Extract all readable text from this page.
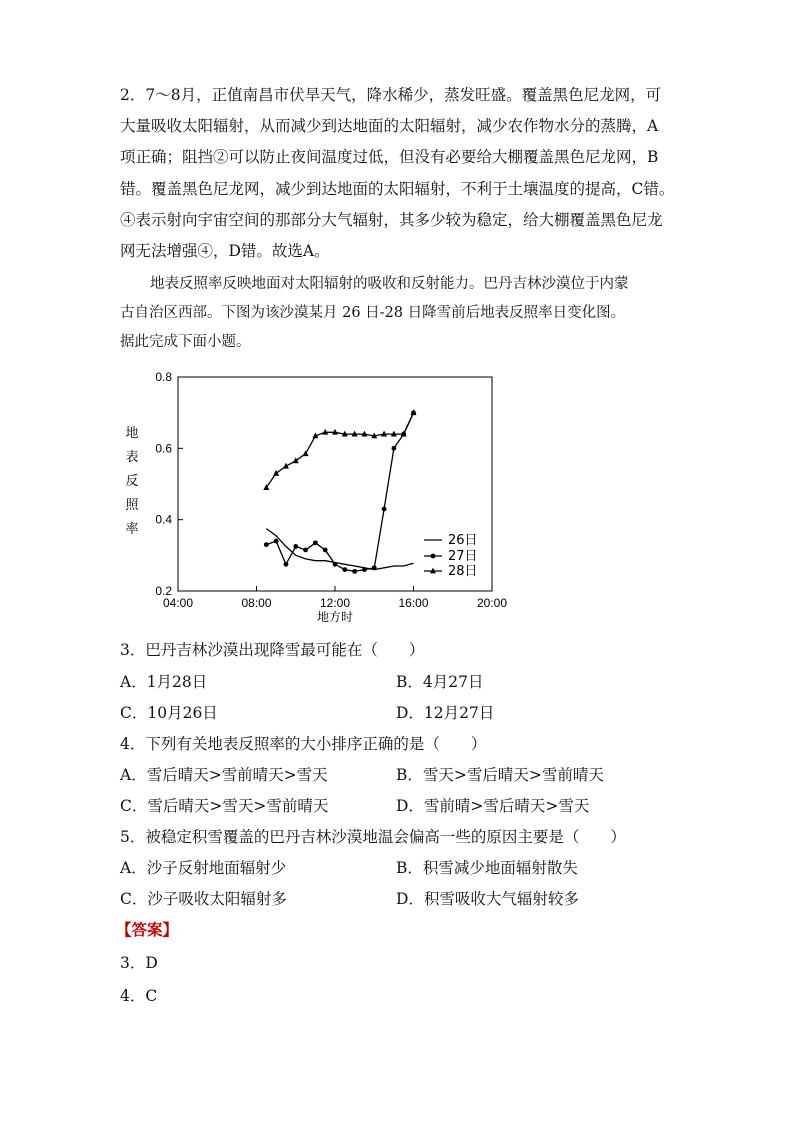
2．7～8月，正值南昌市伏旱天气，降水稀少，蒸发旺盛。覆盖黑色尼龙网，可
大量吸收太阳辐射，从而减少到达地面的太阳辐射，减少农作物水分的蒸腾，A
项正确；阻挡②可以防止夜间温度过低，但没有必要给大棚覆盖黑色尼龙网，B
错。覆盖黑色尼龙网，减少到达地面的太阳辐射，不利于土壤温度的提高，C错。
④表示射向宇宙空间的那部分大气辐射，其多少较为稳定，给大棚覆盖黑色尼龙
网无法增强④，D错。故选A。
地表反照率反映地面对太阳辐射的吸收和反射能力。巴丹吉林沙漠位于内蒙
古自治区西部。下图为该沙漠某月 26 日-28 日降雪前后地表反照率日变化图。
据此完成下面小题。
0.2
0.4
0.6
0.8
04:00	08:00	12:00	16:00	20:00
地方时
地
表
反
照
率
26日
27日
28日
3．巴丹吉林沙漠出现降雪最可能在（　　）
A．1月28日	B．4月27日
C．10月26日	D．12月27日
4．下列有关地表反照率的大小排序正确的是（　　）
A．雪后晴天>雪前晴天>雪天	B．雪天>雪后晴天>雪前晴天
C．雪后晴天>雪天>雪前晴天	D．雪前晴>雪后晴天>雪天
5．被稳定积雪覆盖的巴丹吉林沙漠地温会偏高一些的原因主要是（　　）
A．沙子反射地面辐射少	B．积雪减少地面辐射散失
C．沙子吸收太阳辐射多	D．积雪吸收大气辐射较多
【答案】
3．D
4．C
